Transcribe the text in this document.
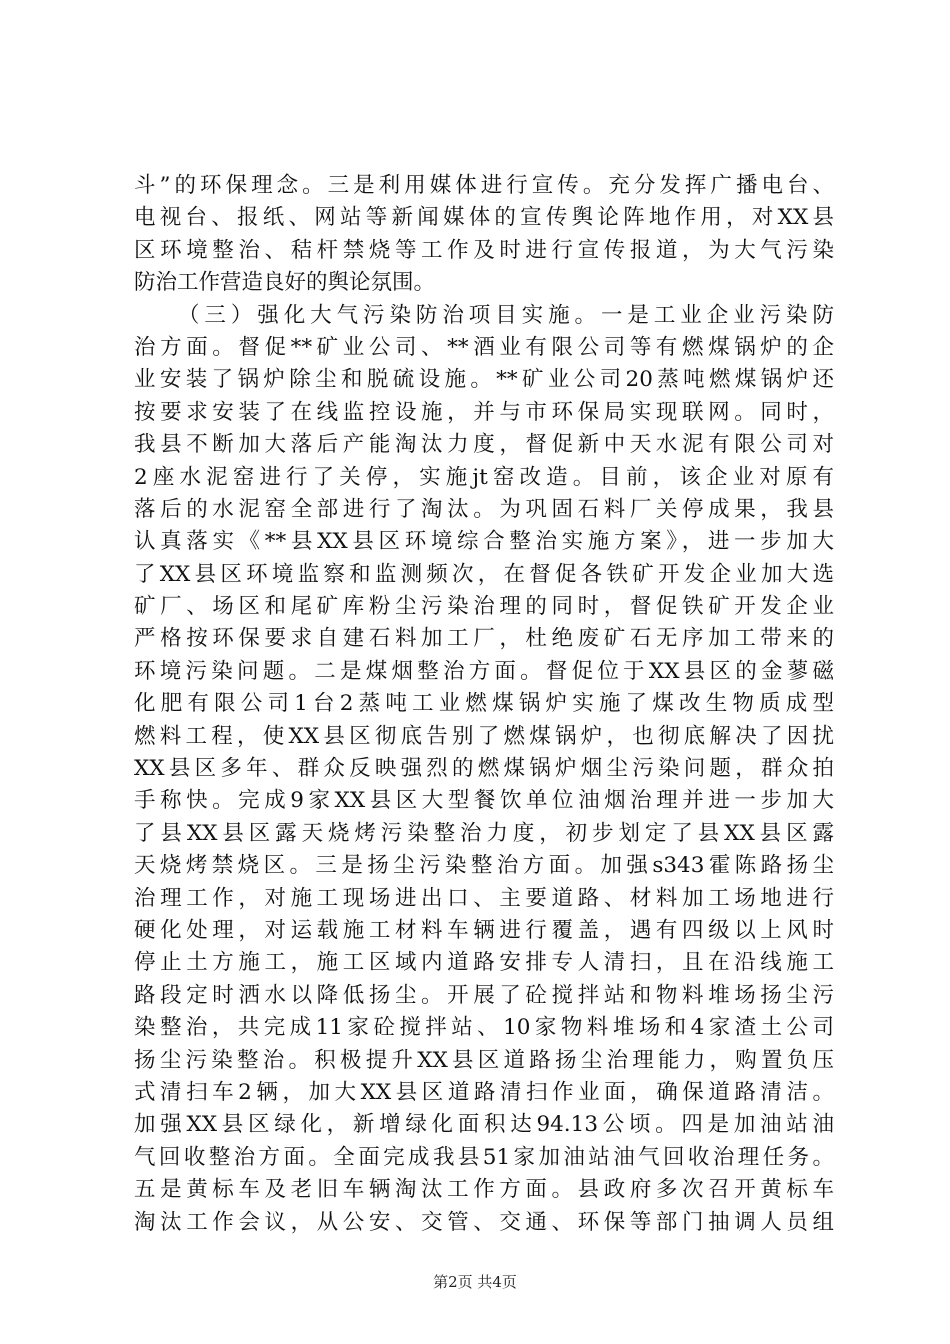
斗”的环保理念。三是利用媒体进行宣传。充分发挥广播电台、
电视台、报纸、网站等新闻媒体的宣传舆论阵地作用，对XX县
区环境整治、秸杆禁烧等工作及时进行宣传报道，为大气污染
防治工作营造良好的舆论氛围。
（三）强化大气污染防治项目实施。一是工业企业污染防
治方面。督促**矿业公司、**酒业有限公司等有燃煤锅炉的企
业安装了锅炉除尘和脱硫设施。**矿业公司20蒸吨燃煤锅炉还
按要求安装了在线监控设施，并与市环保局实现联网。同时，
我县不断加大落后产能淘汰力度，督促新中天水泥有限公司对
2座水泥窑进行了关停，实施jt窑改造。目前，该企业对原有
落后的水泥窑全部进行了淘汰。为巩固石料厂关停成果，我县
认真落实《**县XX县区环境综合整治实施方案》，进一步加大
了XX县区环境监察和监测频次，在督促各铁矿开发企业加大选
矿厂、场区和尾矿库粉尘污染治理的同时，督促铁矿开发企业
严格按环保要求自建石料加工厂，杜绝废矿石无序加工带来的
环境污染问题。二是煤烟整治方面。督促位于XX县区的金蓼磁
化肥有限公司1台2蒸吨工业燃煤锅炉实施了煤改生物质成型
燃料工程，使XX县区彻底告别了燃煤锅炉，也彻底解决了因扰
XX县区多年、群众反映强烈的燃煤锅炉烟尘污染问题，群众拍
手称快。完成9家XX县区大型餐饮单位油烟治理并进一步加大
了县XX县区露天烧烤污染整治力度，初步划定了县XX县区露
天烧烤禁烧区。三是扬尘污染整治方面。加强s343霍陈路扬尘
治理工作，对施工现场进出口、主要道路、材料加工场地进行
硬化处理，对运载施工材料车辆进行覆盖，遇有四级以上风时
停止土方施工，施工区域内道路安排专人清扫，且在沿线施工
路段定时洒水以降低扬尘。开展了砼搅拌站和物料堆场扬尘污
染整治，共完成11家砼搅拌站、10家物料堆场和4家渣土公司
扬尘污染整治。积极提升XX县区道路扬尘治理能力，购置负压
式清扫车2辆，加大XX县区道路清扫作业面，确保道路清洁。
加强XX县区绿化，新增绿化面积达94.13公顷。四是加油站油
气回收整治方面。全面完成我县51家加油站油气回收治理任务。
五是黄标车及老旧车辆淘汰工作方面。县政府多次召开黄标车
淘汰工作会议，从公安、交管、交通、环保等部门抽调人员组
第2页 共4页
